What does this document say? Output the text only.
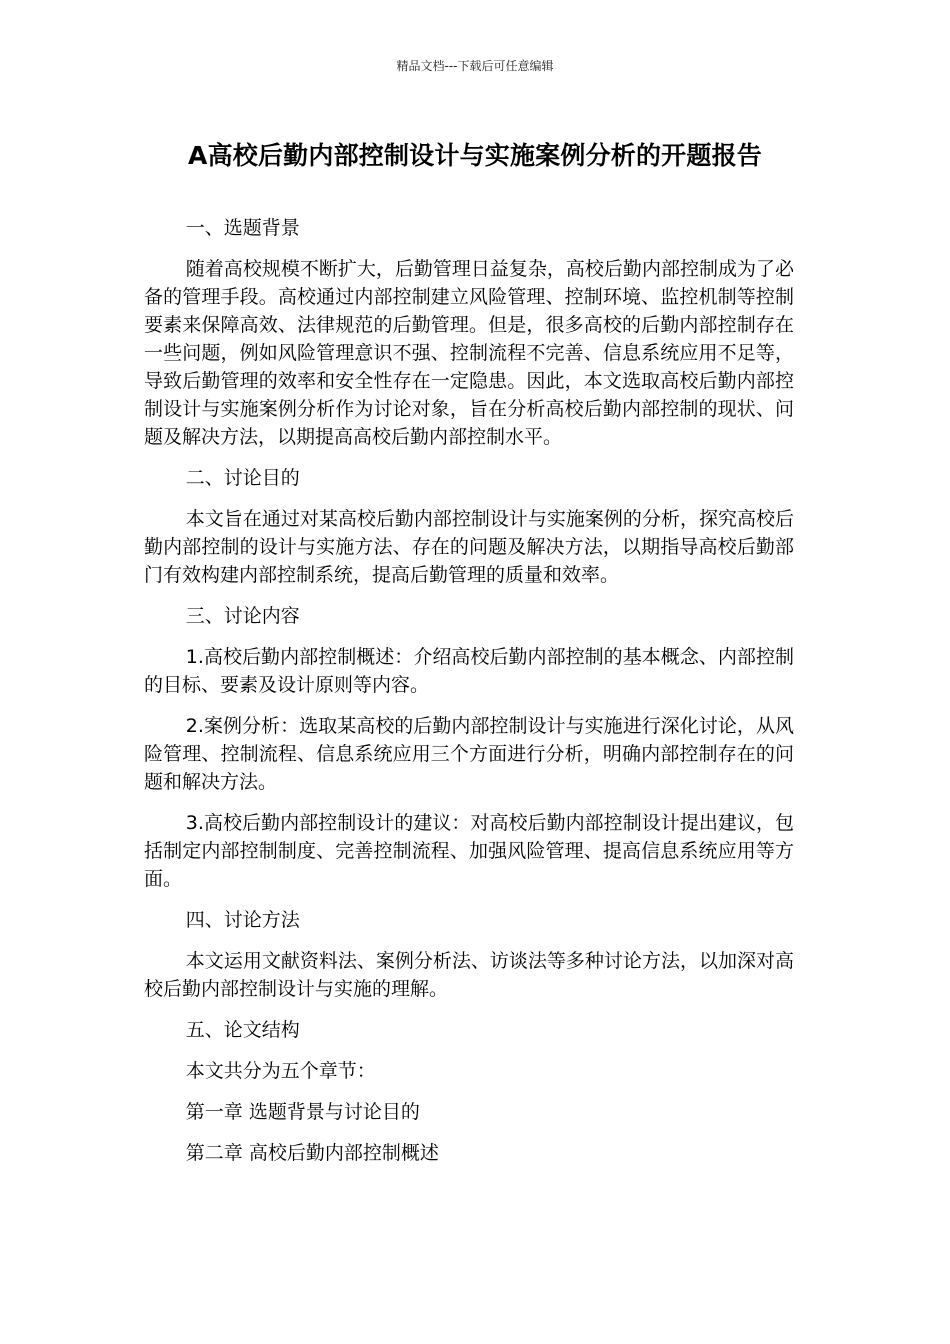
精品文档---下载后可任意编辑
A高校后勤内部控制设计与实施案例分析的开题报告

一、选题背景

随着高校规模不断扩大，后勤管理日益复杂，高校后勤内部控制成为了必备的管理手段。高校通过内部控制建立风险管理、控制环境、监控机制等控制要素来保障高效、法律规范的后勤管理。但是，很多高校的后勤内部控制存在一些问题，例如风险管理意识不强、控制流程不完善、信息系统应用不足等，导致后勤管理的效率和安全性存在一定隐患。因此，本文选取高校后勤内部控制设计与实施案例分析作为讨论对象，旨在分析高校后勤内部控制的现状、问题及解决方法，以期提高高校后勤内部控制水平。

二、讨论目的

本文旨在通过对某高校后勤内部控制设计与实施案例的分析，探究高校后勤内部控制的设计与实施方法、存在的问题及解决方法，以期指导高校后勤部门有效构建内部控制系统，提高后勤管理的质量和效率。

三、讨论内容

1.高校后勤内部控制概述：介绍高校后勤内部控制的基本概念、内部控制的目标、要素及设计原则等内容。

2.案例分析：选取某高校的后勤内部控制设计与实施进行深化讨论，从风险管理、控制流程、信息系统应用三个方面进行分析，明确内部控制存在的问题和解决方法。

3.高校后勤内部控制设计的建议：对高校后勤内部控制设计提出建议，包括制定内部控制制度、完善控制流程、加强风险管理、提高信息系统应用等方面。

四、讨论方法

本文运用文献资料法、案例分析法、访谈法等多种讨论方法，以加深对高校后勤内部控制设计与实施的理解。

五、论文结构

本文共分为五个章节：

第一章 选题背景与讨论目的

第二章 高校后勤内部控制概述
